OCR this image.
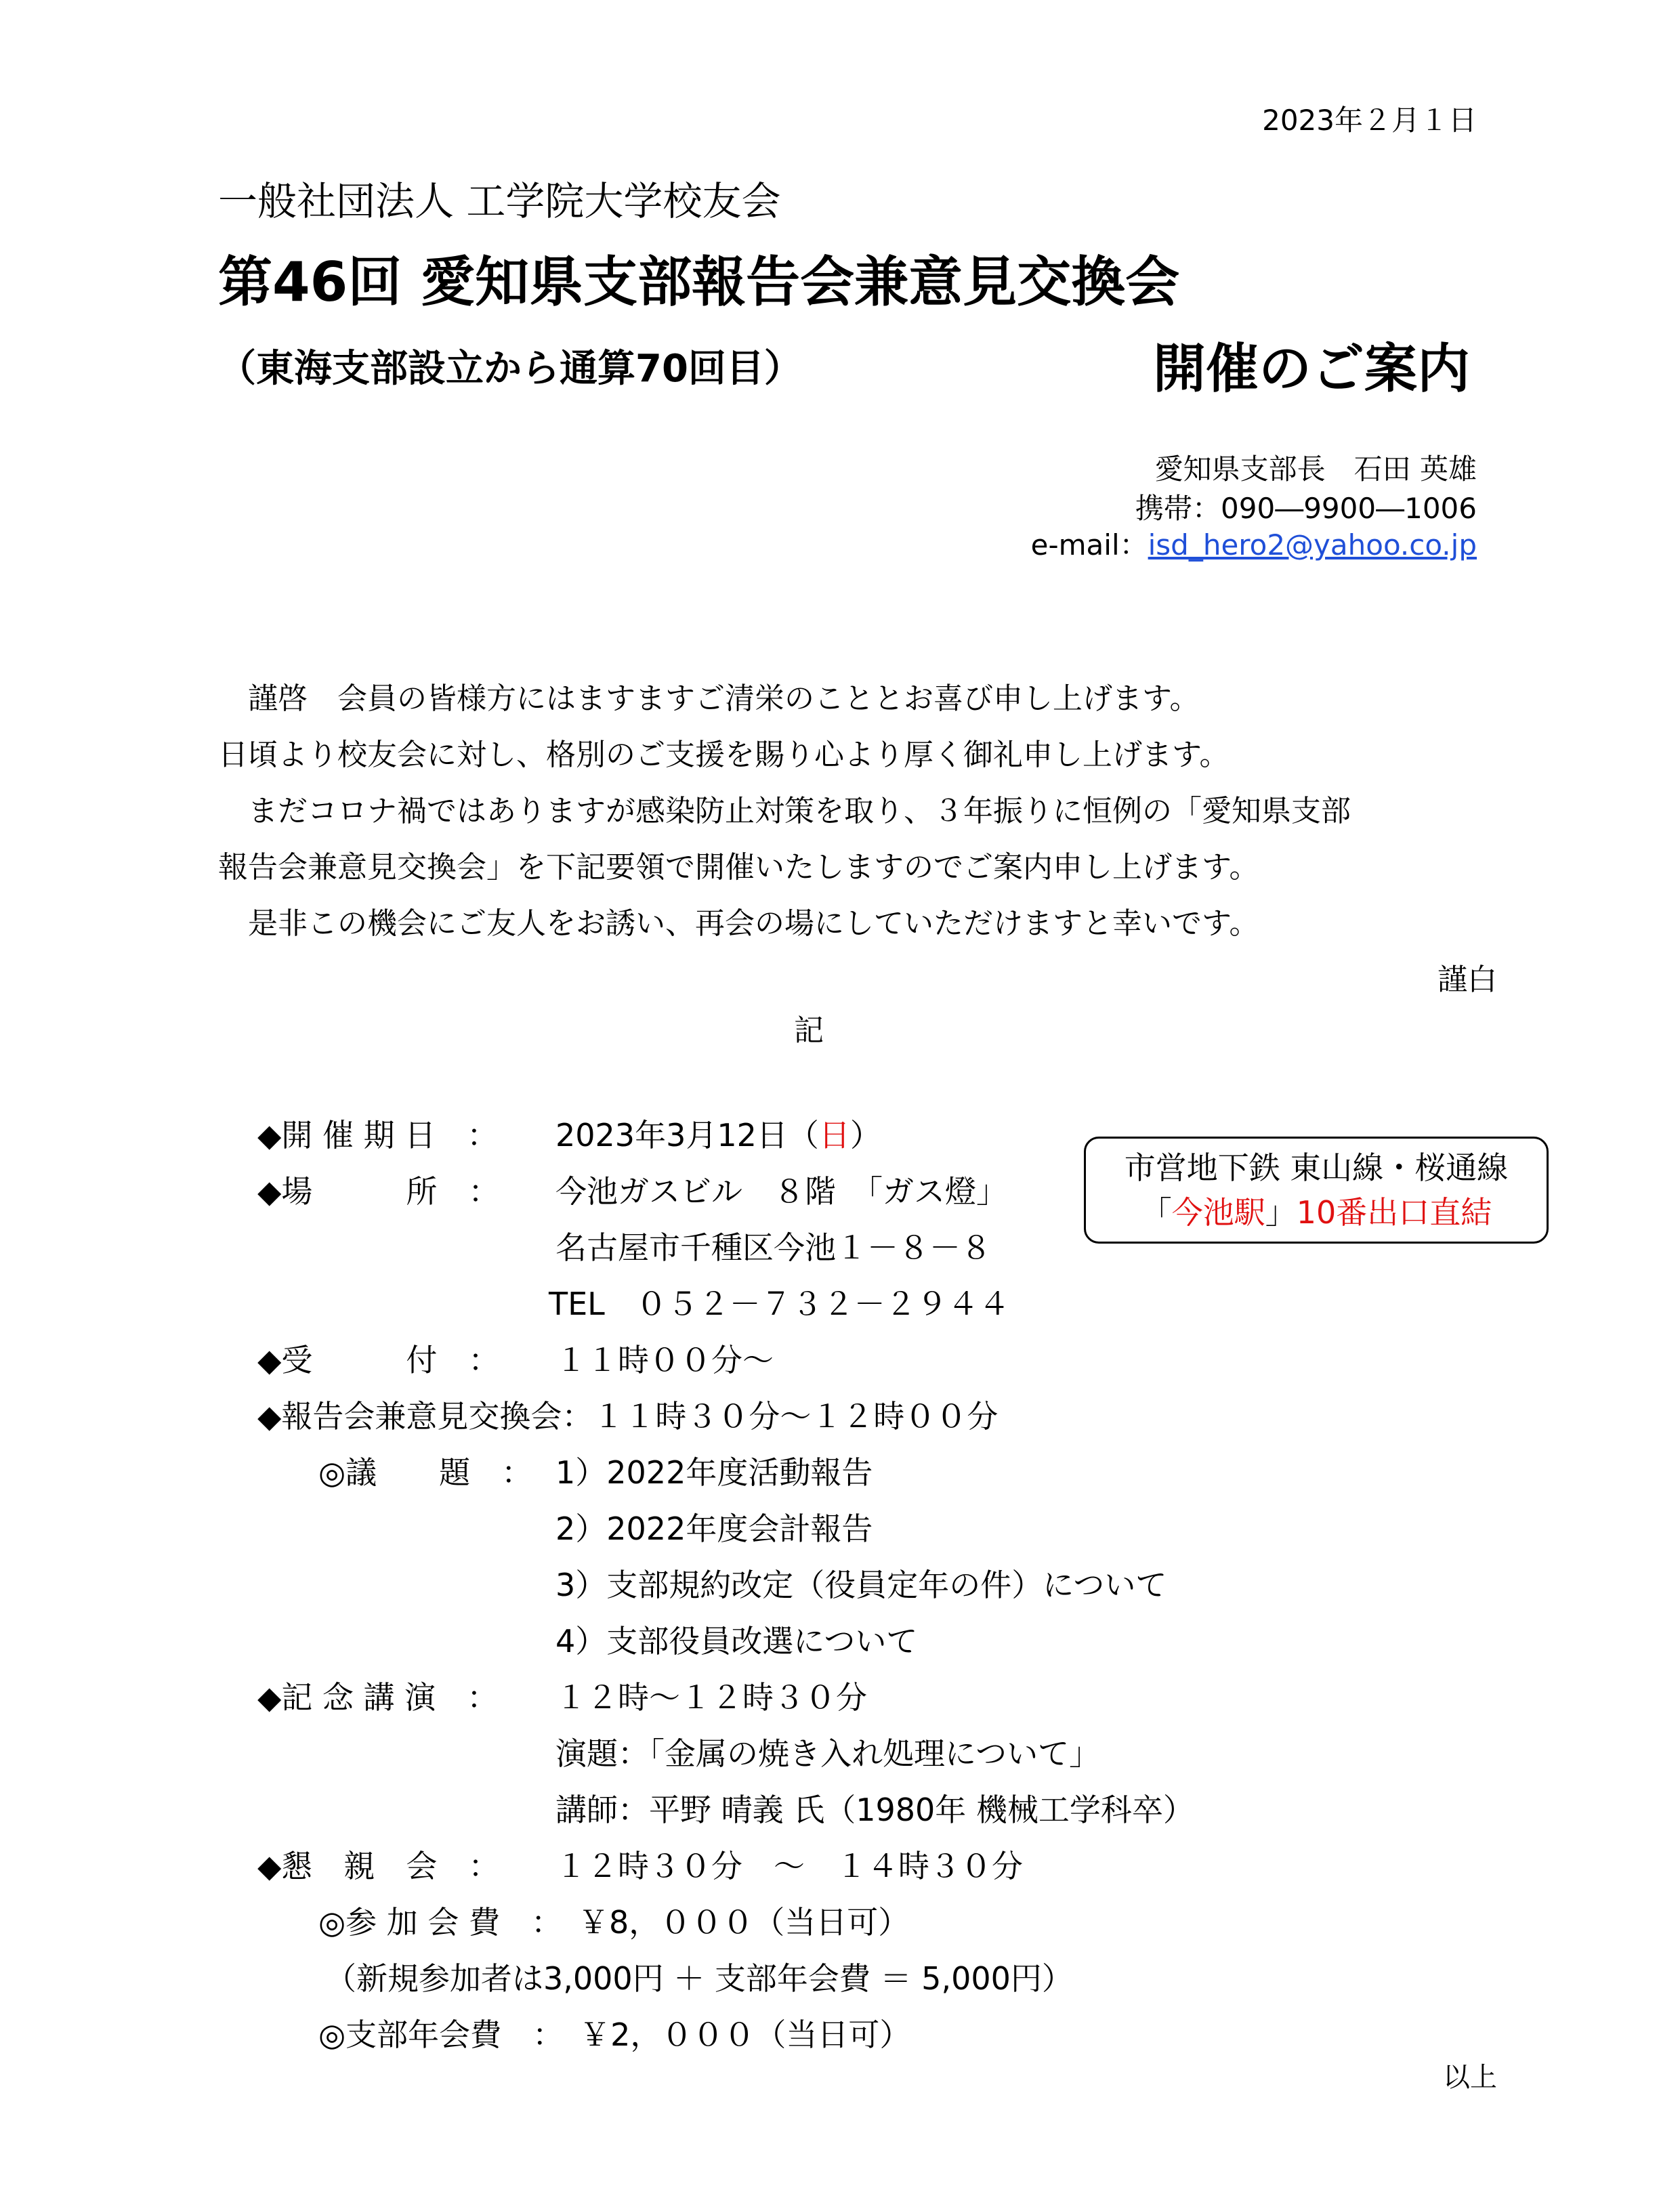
2023年２月１日
一般社団法人 工学院大学校友会
第46回 愛知県支部報告会兼意見交換会
（東海支部設立から通算70回目）	開催のご案内
愛知県支部長　石田 英雄
携帯：090―9900―1006
e-mail：isd_hero2@yahoo.co.jp
謹啓　会員の皆様方にはますますご清栄のこととお喜び申し上げます。
日頃より校友会に対し、格別のご支援を賜り心より厚く御礼申し上げます。
まだコロナ禍ではありますが感染防止対策を取り、３年振りに恒例の「愛知県支部
報告会兼意見交換会」を下記要領で開催いたしますのでご案内申し上げます。
是非この機会にご友人をお誘い、再会の場にしていただけますと幸いです。
謹白
記
◆開 催 期 日　： 2023年3月12日（日）
◆場　　　所　： 今池ガスビル　８階　「ガス燈」
名古屋市千種区今池１－８－８
TEL　０５２－７３２－２９４４
◆受　　　付　： １１時００分～
◆報告会兼意見交換会：１１時３０分～１２時００分
◎議　　題　： 1）2022年度活動報告
2）2022年度会計報告
3）支部規約改定（役員定年の件）について
4）支部役員改選について
◆記 念 講 演　： １２時～１２時３０分
演題：「金属の焼き入れ処理について」
講師：平野 晴義 氏（1980年 機械工学科卒）
◆懇　親　会　： １２時３０分　～　１４時３０分
◎参 加 会 費　：　￥8，０００（当日可）
（新規参加者は3,000円 ＋ 支部年会費 ＝ 5,000円）
◎支部年会費　：　￥2，０００（当日可）
市営地下鉄 東山線・桜通線
「今池駅」10番出口直結
以上
